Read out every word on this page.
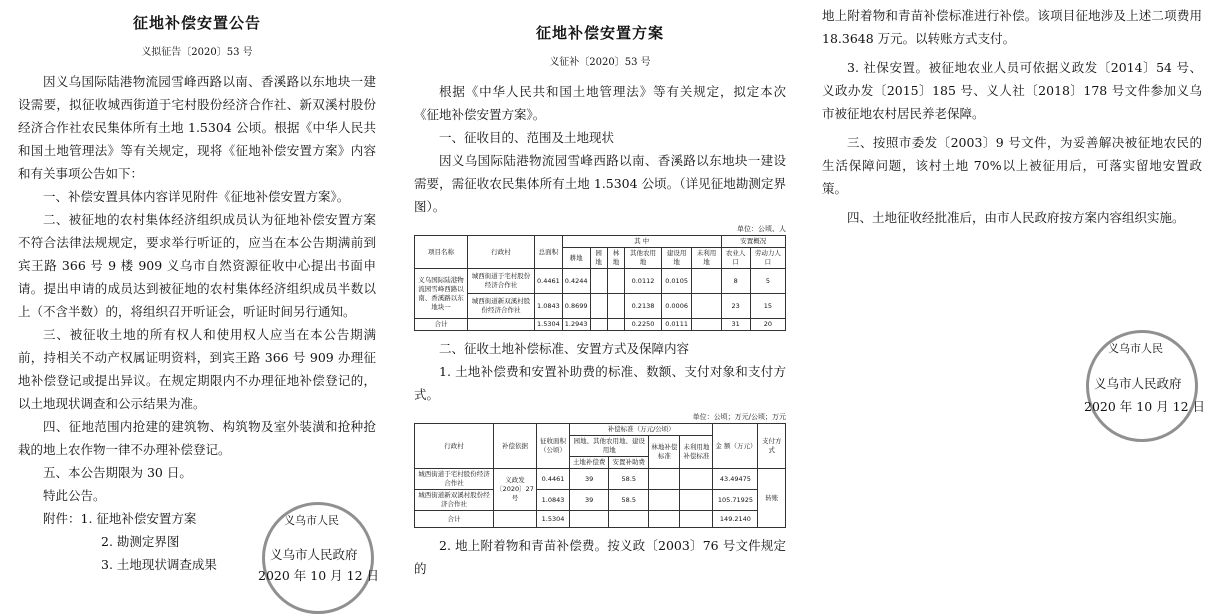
征地补偿安置公告
义拟征告〔2020〕53 号

因义乌国际陆港物流园雪峰西路以南、香溪路以东地块一建设需要，拟征收城西街道于宅村股份经济合作社、新双溪村股份经济合作社农民集体所有土地 1.5304 公顷。根据《中华人民共和国土地管理法》等有关规定，现将《征地补偿安置方案》内容和有关事项公告如下：

一、补偿安置具体内容详见附件《征地补偿安置方案》。

二、被征地的农村集体经济组织成员认为征地补偿安置方案不符合法律法规规定，要求举行听证的，应当在本公告期满前到宾王路 366 号 9 楼 909 义乌市自然资源征收中心提出书面申请。提出申请的成员达到被征地的农村集体经济组织成员半数以上（不含半数）的，将组织召开听证会，听证时间另行通知。

三、被征收土地的所有权人和使用权人应当在本公告期满前，持相关不动产权属证明资料，到宾王路 366 号 909 办理征地补偿登记或提出异议。在规定期限内不办理征地补偿登记的，以土地现状调查和公示结果为准。

四、征地范围内抢建的建筑物、构筑物及室外装潢和抢种抢栽的地上农作物一律不办理补偿登记。

五、本公告期限为 30 日。

特此公告。

附件：1. 征地补偿安置方案
2. 勘测定界图
3. 土地现状调查成果
义乌市人民
义乌市人民政府
2020 年 10 月 12 日
征地补偿安置方案
义征补〔2020〕53 号

根据《中华人民共和国土地管理法》等有关规定，拟定本次《征地补偿安置方案》。

一、征收目的、范围及土地现状

因义乌国际陆港物流园雪峰西路以南、香溪路以东地块一建设需要，需征收农民集体所有土地 1.5304 公顷。（详见征地勘测定界图）。

单位：公顷、人
项目名称	行政村	总面积	其 中						安置概况	
			耕地	园地	林地	其他农用地	建设用地	未利用地	农业人口	劳动力人口
义乌国际陆港物流园雪峰西路以南、香溪路以东地块一	城西街道于宅村股份经济合作社	0.4461	0.4244			0.0112	0.0105		8	5
	城西街道新双溪村股份经济合作社	1.0843	0.8699			0.2138	0.0006		23	15
合计		1.5304	1.2943			0.2250	0.0111		31	20

二、征收土地补偿标准、安置方式及保障内容

1. 土地补偿费和安置补助费的标准、数额、支付对象和支付方式。

单位：公顷；万元/公顷；万元
行政村	补偿依据	征收面积（公顷）	补偿标准（万元/公顷）				金 额（万元）	支付方式
			园地、其他农用地、建设用地		林地补偿标准	未利用地补偿标准		
			土地补偿费	安置补助费				
城西街道于宅村股份经济合作社	义政发〔2020〕27 号	0.4461	39	58.5			43.49475	转账
城西街道新双溪村股份经济合作社		1.0843	39	58.5			105.71925	
合计		1.5304					149.2140	

2. 地上附着物和青苗补偿费。按义政〔2003〕76 号文件规定的

地上附着物和青苗补偿标准进行补偿。该项目征地涉及上述二项费用 18.3648 万元。以转账方式支付。

3. 社保安置。被征地农业人员可依据义政发〔2014〕54 号、义政办发〔2015〕185 号、义人社〔2018〕178 号文件参加义乌市被征地农村居民养老保障。

三、按照市委发〔2003〕9 号文件，为妥善解决被征地农民的生活保障问题，该村土地 70%以上被征用后，可落实留地安置政策。

四、土地征收经批准后，由市人民政府按方案内容组织实施。

义乌市人民
义乌市人民政府
2020 年 10 月 12 日
